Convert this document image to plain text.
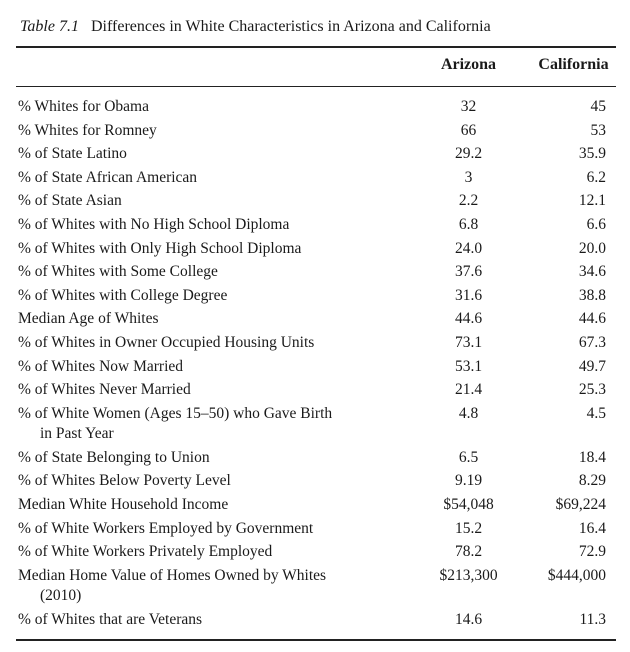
Table 7.1 Differences in White Characteristics in Arizona and California
	Arizona	California
% Whites for Obama	32	45
% Whites for Romney	66	53
% of State Latino	29.2	35.9
% of State African American	3	6.2
% of State Asian	2.2	12.1
% of Whites with No High School Diploma	6.8	6.6
% of Whites with Only High School Diploma	24.0	20.0
% of Whites with Some College	37.6	34.6
% of Whites with College Degree	31.6	38.8
Median Age of Whites	44.6	44.6
% of Whites in Owner Occupied Housing Units	73.1	67.3
% of Whites Now Married	53.1	49.7
% of Whites Never Married	21.4	25.3
% of White Women (Ages 15–50) who Gave Birth
in Past Year	4.8	4.5
% of State Belonging to Union	6.5	18.4
% of Whites Below Poverty Level	9.19	8.29
Median White Household Income	$54,048	$69,224
% of White Workers Employed by Government	15.2	16.4
% of White Workers Privately Employed	78.2	72.9
Median Home Value of Homes Owned by Whites
(2010)	$213,300	$444,000
% of Whites that are Veterans	14.6	11.3
